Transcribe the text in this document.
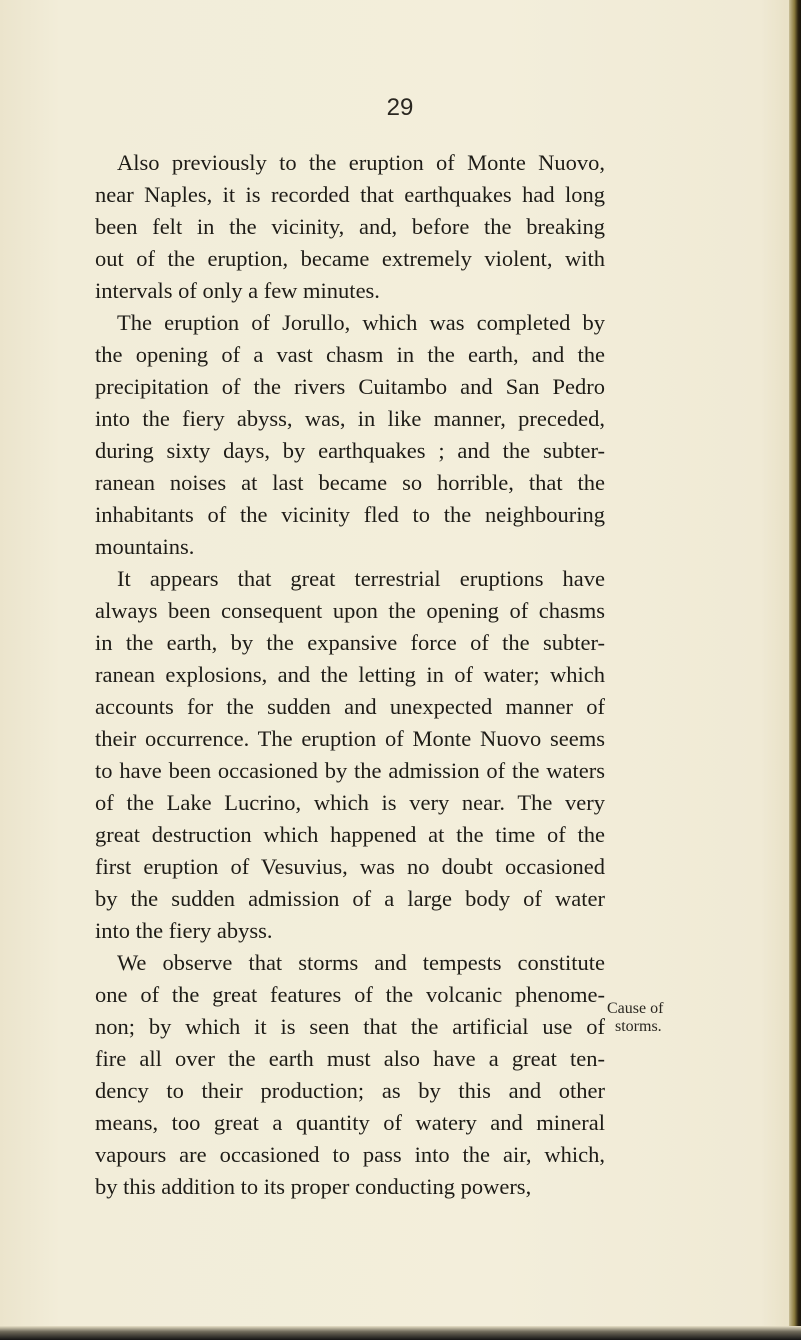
29
Also previously to the eruption of Monte Nuovo,
near Naples, it is recorded that earthquakes had long
been felt in the vicinity, and, before the breaking
out of the eruption, became extremely violent, with
intervals of only a few minutes.
The eruption of Jorullo, which was completed by
the opening of a vast chasm in the earth, and the
precipitation of the rivers Cuitambo and San Pedro
into the fiery abyss, was, in like manner, preceded,
during sixty days, by earthquakes ; and the subter-
ranean noises at last became so horrible, that the
inhabitants of the vicinity fled to the neighbouring
mountains.
It appears that great terrestrial eruptions have
always been consequent upon the opening of chasms
in the earth, by the expansive force of the subter-
ranean explosions, and the letting in of water; which
accounts for the sudden and unexpected manner of
their occurrence. The eruption of Monte Nuovo seems
to have been occasioned by the admission of the waters
of the Lake Lucrino, which is very near. The very
great destruction which happened at the time of the
first eruption of Vesuvius, was no doubt occasioned
by the sudden admission of a large body of water
into the fiery abyss.
We observe that storms and tempests constitute
one of the great features of the volcanic phenome-
non; by which it is seen that the artificial use of
fire all over the earth must also have a great ten-
dency to their production; as by this and other
means, too great a quantity of watery and mineral
vapours are occasioned to pass into the air, which,
by this addition to its proper conducting powers,
Cause of
storms.
